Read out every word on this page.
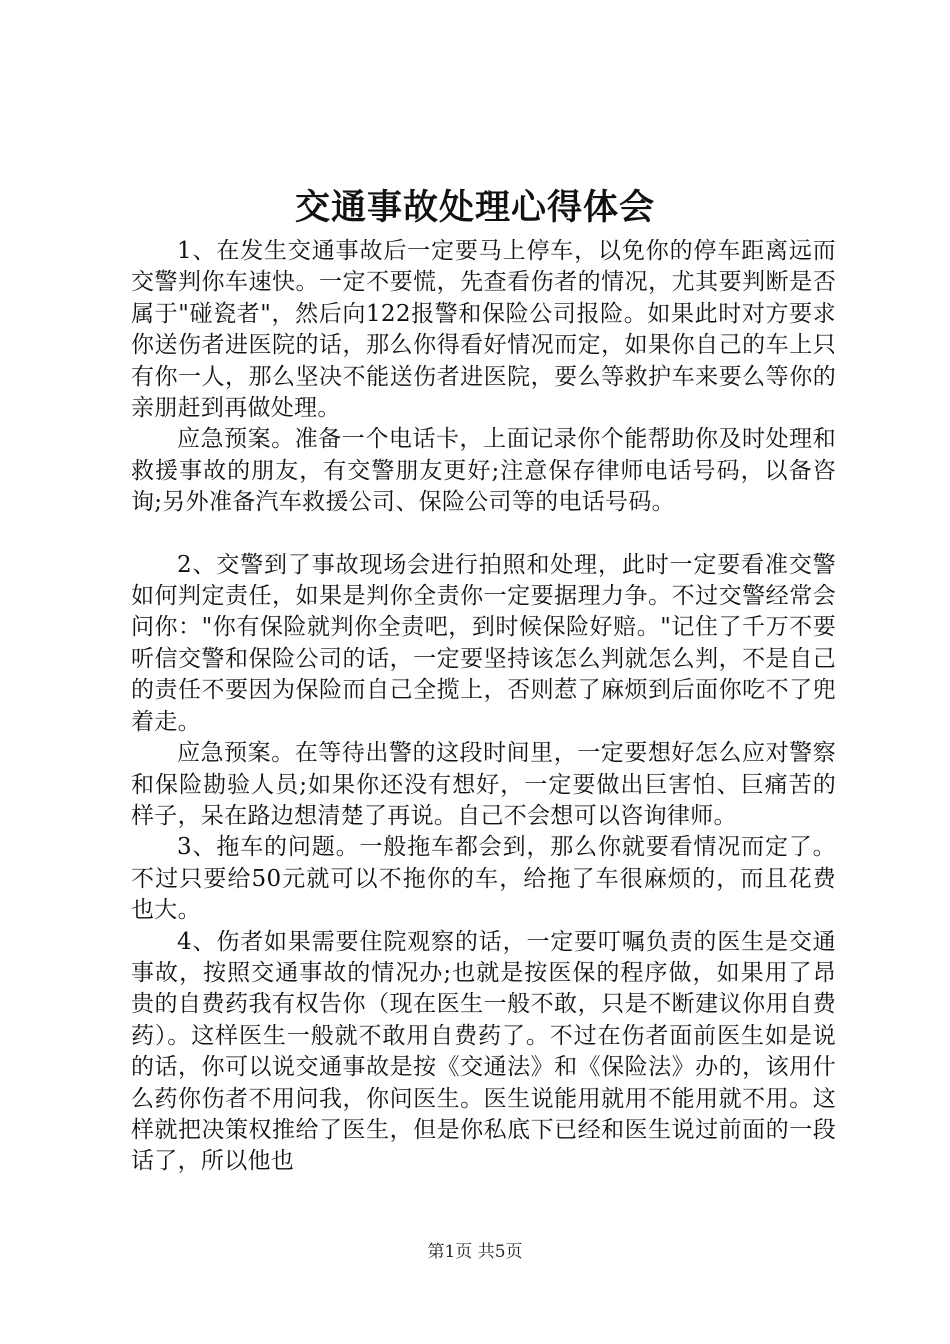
交通事故处理心得体会

1、在发生交通事故后一定要马上停车，以免你的停车距离远而交警判你车速快。一定不要慌，先查看伤者的情况，尤其要判断是否属于"碰瓷者"，然后向122报警和保险公司报险。如果此时对方要求你送伤者进医院的话，那么你得看好情况而定，如果你自己的车上只有你一人，那么坚决不能送伤者进医院，要么等救护车来要么等你的亲朋赶到再做处理。

应急预案。准备一个电话卡，上面记录你个能帮助你及时处理和救援事故的朋友，有交警朋友更好;注意保存律师电话号码，以备咨询;另外准备汽车救援公司、保险公司等的电话号码。

2、交警到了事故现场会进行拍照和处理，此时一定要看准交警如何判定责任，如果是判你全责你一定要据理力争。不过交警经常会问你："你有保险就判你全责吧，到时候保险好赔。"记住了千万不要听信交警和保险公司的话，一定要坚持该怎么判就怎么判，不是自己的责任不要因为保险而自己全揽上，否则惹了麻烦到后面你吃不了兜着走。

应急预案。在等待出警的这段时间里，一定要想好怎么应对警察和保险勘验人员;如果你还没有想好，一定要做出巨害怕、巨痛苦的样子，呆在路边想清楚了再说。自己不会想可以咨询律师。

3、拖车的问题。一般拖车都会到，那么你就要看情况而定了。不过只要给50元就可以不拖你的车，给拖了车很麻烦的，而且花费也大。

4、伤者如果需要住院观察的话，一定要叮嘱负责的医生是交通事故，按照交通事故的情况办;也就是按医保的程序做，如果用了昂贵的自费药我有权告你（现在医生一般不敢，只是不断建议你用自费药）。这样医生一般就不敢用自费药了。不过在伤者面前医生如是说的话，你可以说交通事故是按《交通法》和《保险法》办的，该用什么药你伤者不用问我，你问医生。医生说能用就用不能用就不用。这样就把决策权推给了医生，但是你私底下已经和医生说过前面的一段话了，所以他也

第1页 共5页
